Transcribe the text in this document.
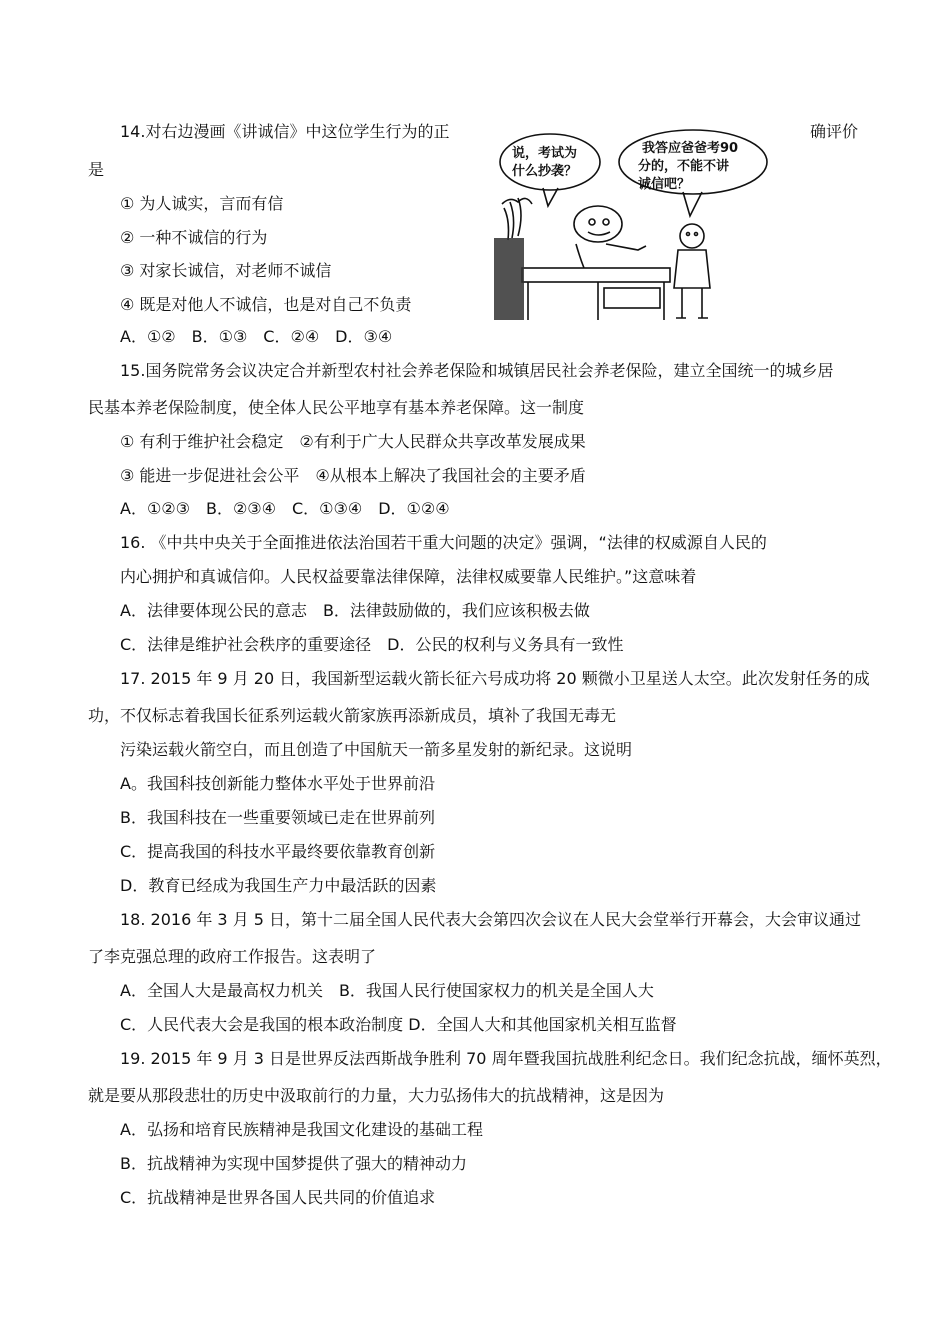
14.对右边漫画《讲诚信》中这位学生行为的正	确评价
是
① 为人诚实，言而有信
② 一种不诚信的行为
③ 对家长诚信，对老师不诚信
④ 既是对他人不诚信，也是对自己不负责
A．①②　B．①③　C．②④　D．③④
说，考试为
什么抄袭？
我答应爸爸考90
分的，不能不讲
诚信吧？
15.国务院常务会议决定合并新型农村社会养老保险和城镇居民社会养老保险，建立全国统一的城乡居
民基本养老保险制度，使全体人民公平地享有基本养老保障。这一制度
① 有利于维护社会稳定　②有利于广大人民群众共享改革发展成果
③ 能进一步促进社会公平　④从根本上解决了我国社会的主要矛盾
A．①②③　B．②③④　C．①③④　D．①②④
16. 《中共中央关于全面推进依法治国若干重大问题的决定》强调，“法律的权威源自人民的
内心拥护和真诚信仰。人民权益要靠法律保障，法律权威要靠人民维护。”这意味着
A．法律要体现公民的意志　B．法律鼓励做的，我们应该积极去做
C．法律是维护社会秩序的重要途径　D．公民的权利与义务具有一致性
17. 2015 年 9 月 20 日，我国新型运载火箭长征六号成功将 20 颗微小卫星送人太空。此次发射任务的成
功，不仅标志着我国长征系列运载火箭家族再添新成员，填补了我国无毒无
污染运载火箭空白，而且创造了中国航天一箭多星发射的新纪录。这说明
A。我国科技创新能力整体水平处于世界前沿
B．我国科技在一些重要领域已走在世界前列
C．提高我国的科技水平最终要依靠教育创新
D．教育已经成为我国生产力中最活跃的因素
18. 2016 年 3 月 5 日，第十二届全国人民代表大会第四次会议在人民大会堂举行开幕会，大会审议通过
了李克强总理的政府工作报告。这表明了
A．全国人大是最高权力机关　B．我国人民行使国家权力的机关是全国人大
C．人民代表大会是我国的根本政治制度 D．全国人大和其他国家机关相互监督
19. 2015 年 9 月 3 日是世界反法西斯战争胜利 70 周年暨我国抗战胜利纪念日。我们纪念抗战，缅怀英烈，
就是要从那段悲壮的历史中汲取前行的力量，大力弘扬伟大的抗战精神，这是因为
A．弘扬和培育民族精神是我国文化建设的基础工程
B．抗战精神为实现中国梦提供了强大的精神动力
C．抗战精神是世界各国人民共同的价值追求
